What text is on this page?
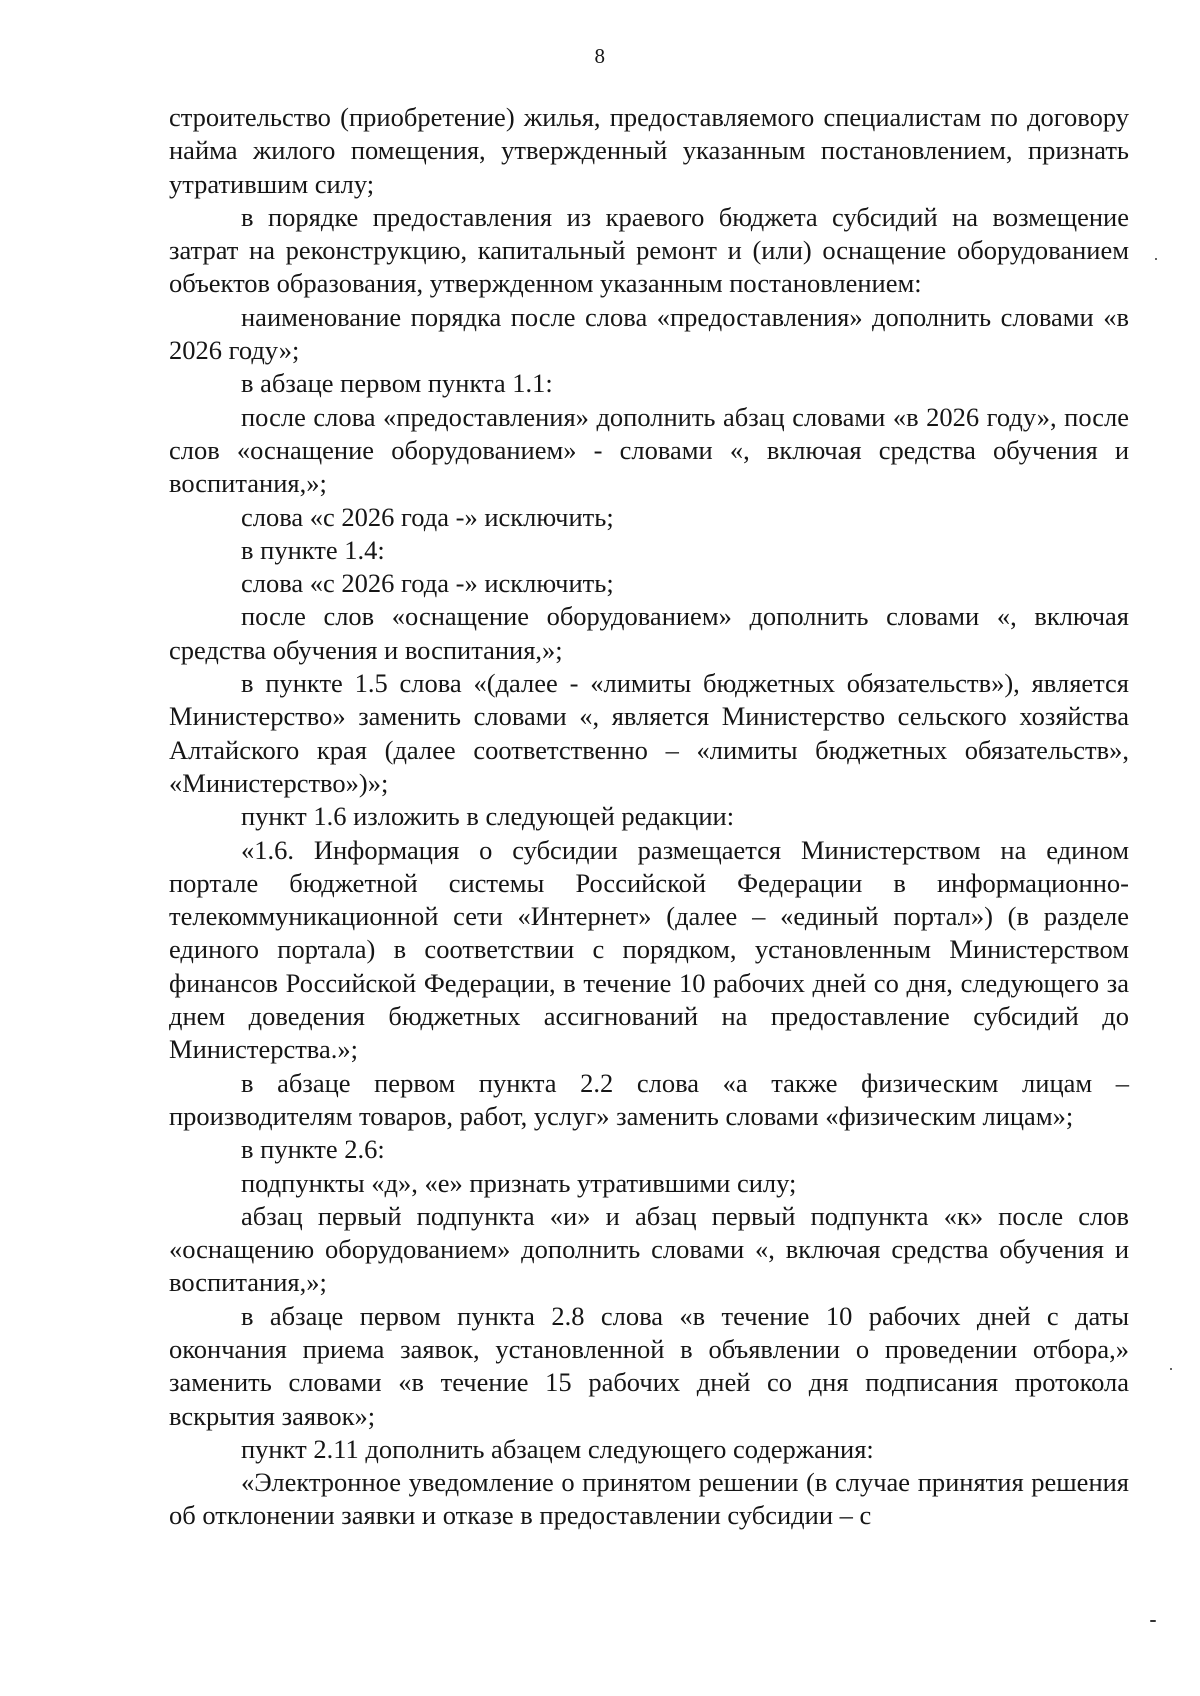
8

строительство (приобретение) жилья, предоставляемого специалистам по договору найма жилого помещения, утвержденный указанным постановлением, признать утратившим силу;

в порядке предоставления из краевого бюджета субсидий на возмещение затрат на реконструкцию, капитальный ремонт и (или) оснащение оборудованием объектов образования, утвержденном указанным постановлением:

наименование порядка после слова «предоставления» дополнить словами «в 2026 году»;

в абзаце первом пункта 1.1:

после слова «предоставления» дополнить абзац словами «в 2026 году», после слов «оснащение оборудованием» - словами «, включая средства обучения и воспитания,»;

слова «с 2026 года -» исключить;

в пункте 1.4:

слова «с 2026 года -» исключить;

после слов «оснащение оборудованием» дополнить словами «, включая средства обучения и воспитания,»;

в пункте 1.5 слова «(далее - «лимиты бюджетных обязательств»), является Министерство» заменить словами «, является Министерство сельского хозяйства Алтайского края (далее соответственно – «лимиты бюджетных обязательств», «Министерство»)»;

пункт 1.6 изложить в следующей редакции:

«1.6. Информация о субсидии размещается Министерством на едином портале бюджетной системы Российской Федерации в информационно-телекоммуникационной сети «Интернет» (далее – «единый портал») (в разделе единого портала) в соответствии с порядком, установленным Министерством финансов Российской Федерации, в течение 10 рабочих дней со дня, следующего за днем доведения бюджетных ассигнований на предоставление субсидий до Министерства.»;

в абзаце первом пункта 2.2 слова «а также физическим лицам – производителям товаров, работ, услуг» заменить словами «физическим лицам»;

в пункте 2.6:

подпункты «д», «е» признать утратившими силу;

абзац первый подпункта «и» и абзац первый подпункта «к» после слов «оснащению оборудованием» дополнить словами «, включая средства обучения и воспитания,»;

в абзаце первом пункта 2.8 слова «в течение 10 рабочих дней с даты окончания приема заявок, установленной в объявлении о проведении отбора,» заменить словами «в течение 15 рабочих дней со дня подписания протокола вскрытия заявок»;

пункт 2.11 дополнить абзацем следующего содержания:

«Электронное уведомление о принятом решении (в случае принятия решения об отклонении заявки и отказе в предоставлении субсидии – с
